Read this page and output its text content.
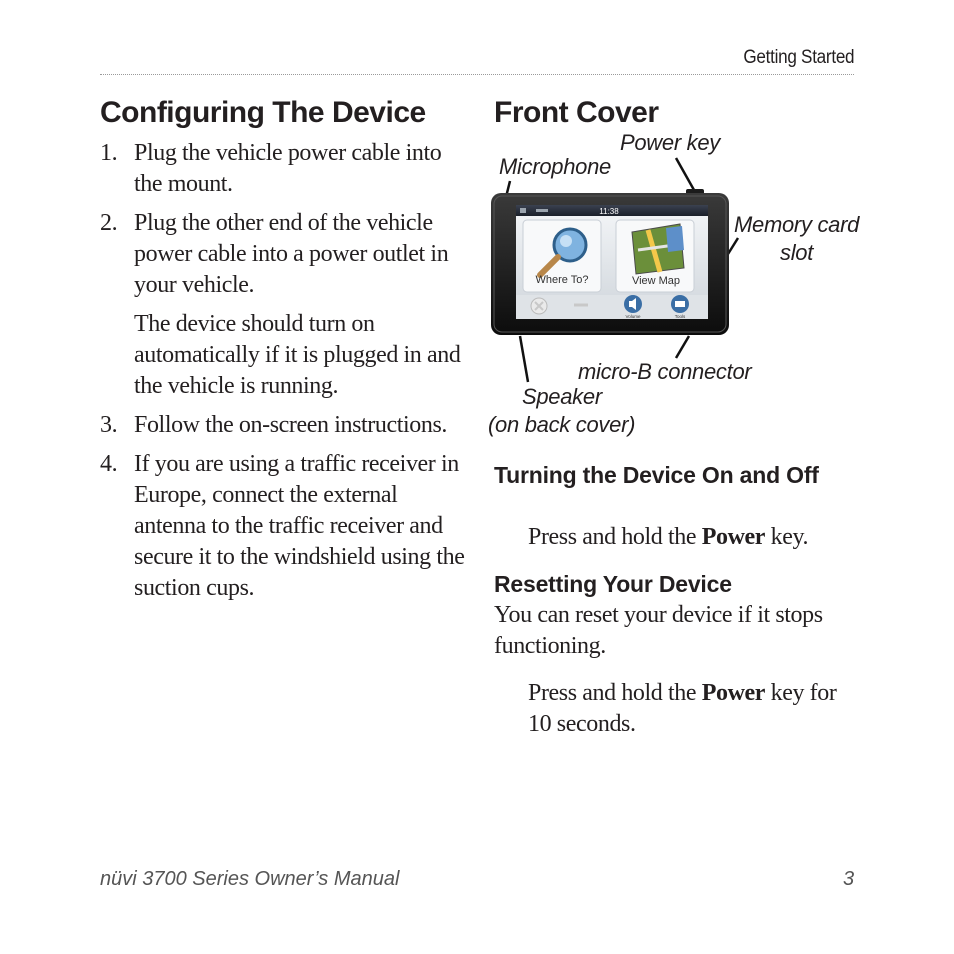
Getting Started
Configuring The Device
1. Plug the vehicle power cable into the mount.
2. Plug the other end of the vehicle power cable into a power outlet in your vehicle.
The device should turn on automatically if it is plugged in and the vehicle is running.
3. Follow the on-screen instructions.
4. If you are using a traffic receiver in Europe, connect the external antenna to the traffic receiver and secure it to the windshield using the suction cups.
Front Cover
Power key
Microphone
Memory card
slot
micro-B connector
Speaker
(on back cover)
11:38
Where To?	View Map
Volume	Tools
Turning the Device On and Off
Press and hold the Power key.
Resetting Your Device
You can reset your device if it stops functioning.
Press and hold the Power key for 10 seconds.
nüvi 3700 Series Owner’s Manual	3
